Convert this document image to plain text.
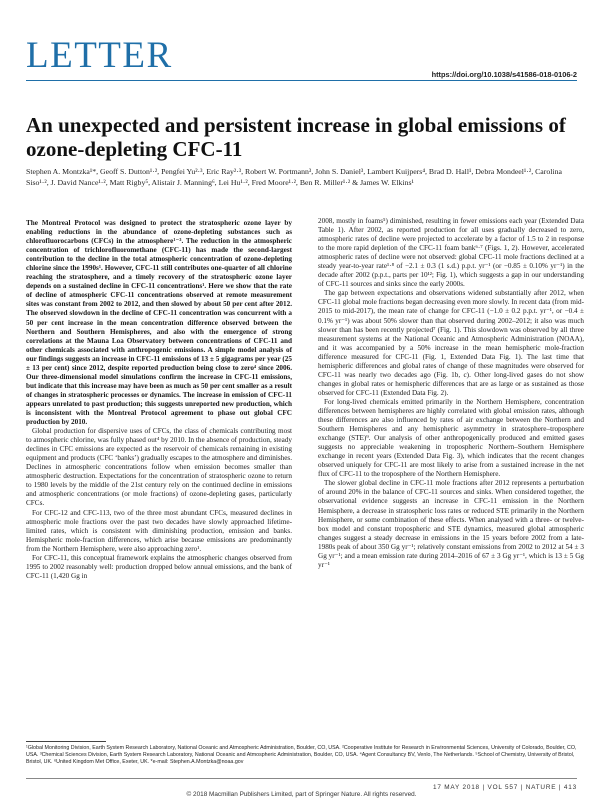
LETTER	https://doi.org/10.1038/s41586-018-0106-2
An unexpected and persistent increase in global emissions of ozone-depleting CFC-11

Stephen A. Montzka¹*, Geoff S. Dutton¹·², Pengfei Yu²·³, Eric Ray²·³, Robert W. Portmann³, John S. Daniel³, Lambert Kuijpers⁴, Brad D. Hall¹, Debra Mondeel¹·², Carolina Siso¹·², J. David Nance¹·², Matt Rigby⁵, Alistair J. Manning⁶, Lei Hu¹·², Fred Moore¹·², Ben R. Miller¹·² & James W. Elkins¹

The Montreal Protocol was designed to protect the stratospheric ozone layer by enabling reductions in the abundance of ozone-depleting substances such as chlorofluorocarbons (CFCs) in the atmosphere¹⁻³. The reduction in the atmospheric concentration of trichlorofluoromethane (CFC-11) has made the second-largest contribution to the decline in the total atmospheric concentration of ozone-depleting chlorine since the 1990s¹. However, CFC-11 still contributes one-quarter of all chlorine reaching the stratosphere, and a timely recovery of the stratospheric ozone layer depends on a sustained decline in CFC-11 concentrations¹. Here we show that the rate of decline of atmospheric CFC-11 concentrations observed at remote measurement sites was constant from 2002 to 2012, and then slowed by about 50 per cent after 2012. The observed slowdown in the decline of CFC-11 concentration was concurrent with a 50 per cent increase in the mean concentration difference observed between the Northern and Southern Hemispheres, and also with the emergence of strong correlations at the Mauna Loa Observatory between concentrations of CFC-11 and other chemicals associated with anthropogenic emissions. A simple model analysis of our findings suggests an increase in CFC-11 emissions of 13 ± 5 gigagrams per year (25 ± 13 per cent) since 2012, despite reported production being close to zero⁴ since 2006. Our three-dimensional model simulations confirm the increase in CFC-11 emissions, but indicate that this increase may have been as much as 50 per cent smaller as a result of changes in stratospheric processes or dynamics. The increase in emission of CFC-11 appears unrelated to past production; this suggests unreported new production, which is inconsistent with the Montreal Protocol agreement to phase out global CFC production by 2010.

Global production for dispersive uses of CFCs, the class of chemicals contributing most to atmospheric chlorine, was fully phased out⁴ by 2010. In the absence of production, steady declines in CFC emissions are expected as the reservoir of chemicals remaining in existing equipment and products (CFC ‘banks’) gradually escapes to the atmosphere and diminishes. Declines in atmospheric concentrations follow when emission becomes smaller than atmospheric destruction. Expectations for the concentration of stratospheric ozone to return to 1980 levels by the middle of the 21st century rely on the continued decline in emissions and atmospheric concentrations (or mole fractions) of ozone-depleting gases, particularly CFCs.

For CFC-12 and CFC-113, two of the three most abundant CFCs, measured declines in atmospheric mole fractions over the past two decades have slowly approached lifetime-limited rates, which is consistent with diminishing production, emission and banks. Hemispheric mole-fraction differences, which arise because emissions are predominantly from the Northern Hemisphere, were also approaching zero¹.

For CFC-11, this conceptual framework explains the atmospheric changes observed from 1995 to 2002 reasonably well: production dropped below annual emissions, and the bank of CFC-11 (1,420 Gg in

2008, mostly in foams⁵) diminished, resulting in fewer emissions each year (Extended Data Table 1). After 2002, as reported production for all uses gradually decreased to zero, atmospheric rates of decline were projected to accelerate by a factor of 1.5 to 2 in response to the more rapid depletion of the CFC-11 foam bank⁶·⁷ (Figs. 1, 2). However, accelerated atmospheric rates of decline were not observed: global CFC-11 mole fractions declined at a steady year-to-year rate¹·⁸ of −2.1 ± 0.3 (1 s.d.) p.p.t. yr⁻¹ (or −0.85 ± 0.10% yr⁻¹) in the decade after 2002 (p.p.t., parts per 10¹²; Fig. 1), which suggests a gap in our understanding of CFC-11 sources and sinks since the early 2000s.

The gap between expectations and observations widened substantially after 2012, when CFC-11 global mole fractions began decreasing even more slowly. In recent data (from mid-2015 to mid-2017), the mean rate of change for CFC-11 (−1.0 ± 0.2 p.p.t. yr⁻¹, or −0.4 ± 0.1% yr⁻¹) was about 50% slower than that observed during 2002–2012; it also was much slower than has been recently projected⁷ (Fig. 1). This slowdown was observed by all three measurement systems at the National Oceanic and Atmospheric Administration (NOAA), and it was accompanied by a 50% increase in the mean hemispheric mole-fraction difference measured for CFC-11 (Fig. 1, Extended Data Fig. 1). The last time that hemispheric differences and global rates of change of these magnitudes were observed for CFC-11 was nearly two decades ago (Fig. 1b, c). Other long-lived gases do not show changes in global rates or hemispheric differences that are as large or as sustained as those observed for CFC-11 (Extended Data Fig. 2).

For long-lived chemicals emitted primarily in the Northern Hemisphere, concentration differences between hemispheres are highly correlated with global emission rates, although these differences are also influenced by rates of air exchange between the Northern and Southern Hemispheres and any hemispheric asymmetry in stratosphere–troposphere exchange (STE)⁹. Our analysis of other anthropogenically produced and emitted gases suggests no appreciable weakening in tropospheric Northern–Southern Hemisphere exchange in recent years (Extended Data Fig. 3), which indicates that the recent changes observed uniquely for CFC-11 are most likely to arise from a sustained increase in the net flux of CFC-11 to the troposphere of the Northern Hemisphere.

The slower global decline in CFC-11 mole fractions after 2012 represents a perturbation of around 20% in the balance of CFC-11 sources and sinks. When considered together, the observational evidence suggests an increase in CFC-11 emission in the Northern Hemisphere, a decrease in stratospheric loss rates or reduced STE primarily in the Northern Hemisphere, or some combination of these effects. When analysed with a three- or twelve-box model and constant tropospheric and STE dynamics, measured global atmospheric changes suggest a steady decrease in emissions in the 15 years before 2002 from a late-1980s peak of about 350 Gg yr⁻¹; relatively constant emissions from 2002 to 2012 at 54 ± 3 Gg yr⁻¹; and a mean emission rate during 2014–2016 of 67 ± 3 Gg yr⁻¹, which is 13 ± 5 Gg yr⁻¹

¹Global Monitoring Division, Earth System Research Laboratory, National Oceanic and Atmospheric Administration, Boulder, CO, USA. ²Cooperative Institute for Research in Environmental Sciences, University of Colorado, Boulder, CO, USA. ³Chemical Sciences Division, Earth System Research Laboratory, National Oceanic and Atmospheric Administration, Boulder, CO, USA. ⁴Agent Consultancy BV, Venlo, The Netherlands. ⁵School of Chemistry, University of Bristol, Bristol, UK. ⁶United Kingdom Met Office, Exeter, UK. *e-mail: Stephen.A.Montzka@noaa.gov

© 2018 Macmillan Publishers Limited, part of Springer Nature. All rights reserved.
17 MAY 2018 | VOL 557 | NATURE | 413
